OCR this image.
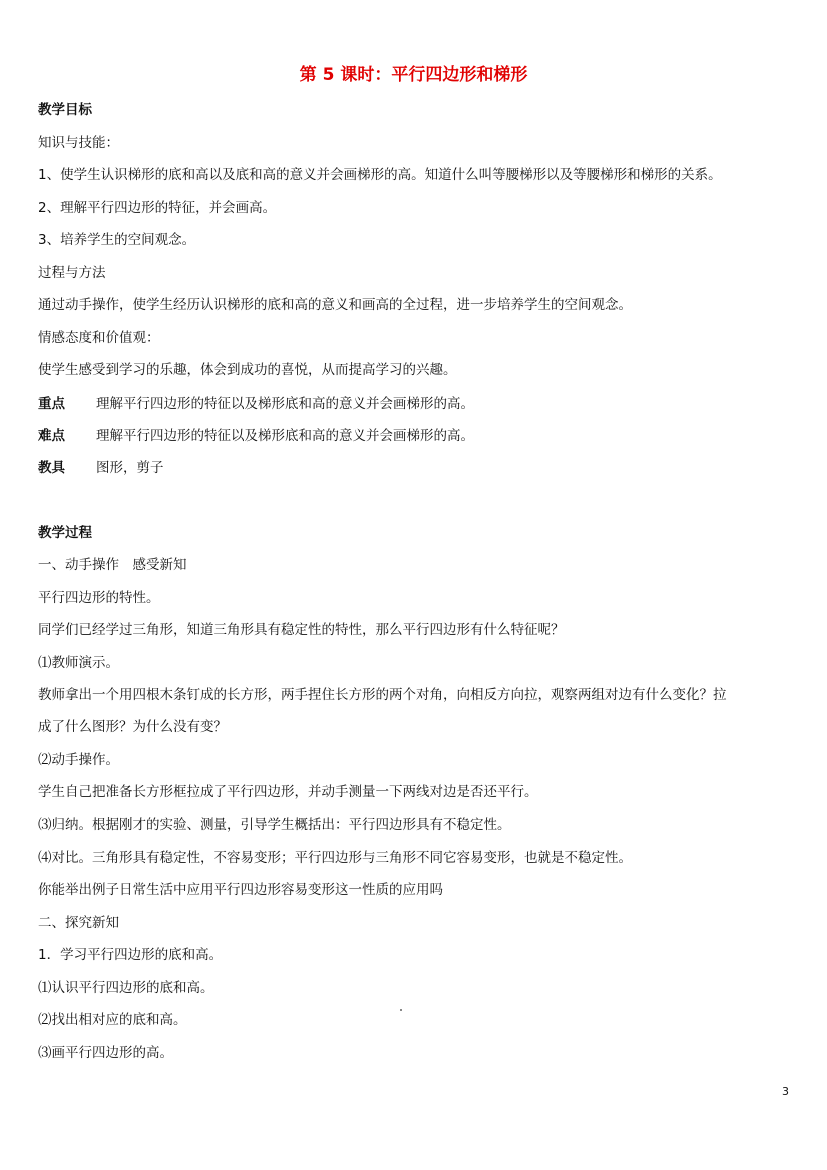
第 5 课时：平行四边形和梯形
教学目标
知识与技能：
1、使学生认识梯形的底和高以及底和高的意义并会画梯形的高。知道什么叫等腰梯形以及等腰梯形和梯形的关系。
2、理解平行四边形的特征，并会画高。
3、培养学生的空间观念。
过程与方法
通过动手操作，使学生经历认识梯形的底和高的意义和画高的全过程，进一步培养学生的空间观念。
情感态度和价值观：
使学生感受到学习的乐趣，体会到成功的喜悦，从而提高学习的兴趣。
重点 理解平行四边形的特征以及梯形底和高的意义并会画梯形的高。
难点 理解平行四边形的特征以及梯形底和高的意义并会画梯形的高。
教具 图形，剪子
教学过程
一、动手操作　感受新知
平行四边形的特性。
同学们已经学过三角形，知道三角形具有稳定性的特性，那么平行四边形有什么特征呢？
⑴教师演示。
教师拿出一个用四根木条钉成的长方形，两手捏住长方形的两个对角，向相反方向拉，观察两组对边有什么变化？拉
成了什么图形？为什么没有变？
⑵动手操作。
学生自己把准备长方形框拉成了平行四边形，并动手测量一下两线对边是否还平行。
⑶归纳。根据刚才的实验、测量，引导学生概括出：平行四边形具有不稳定性。
⑷对比。三角形具有稳定性，不容易变形；平行四边形与三角形不同它容易变形，也就是不稳定性。
你能举出例子日常生活中应用平行四边形容易变形这一性质的应用吗
二、探究新知
1．学习平行四边形的底和高。
⑴认识平行四边形的底和高。
⑵找出相对应的底和高。
⑶画平行四边形的高。
3
